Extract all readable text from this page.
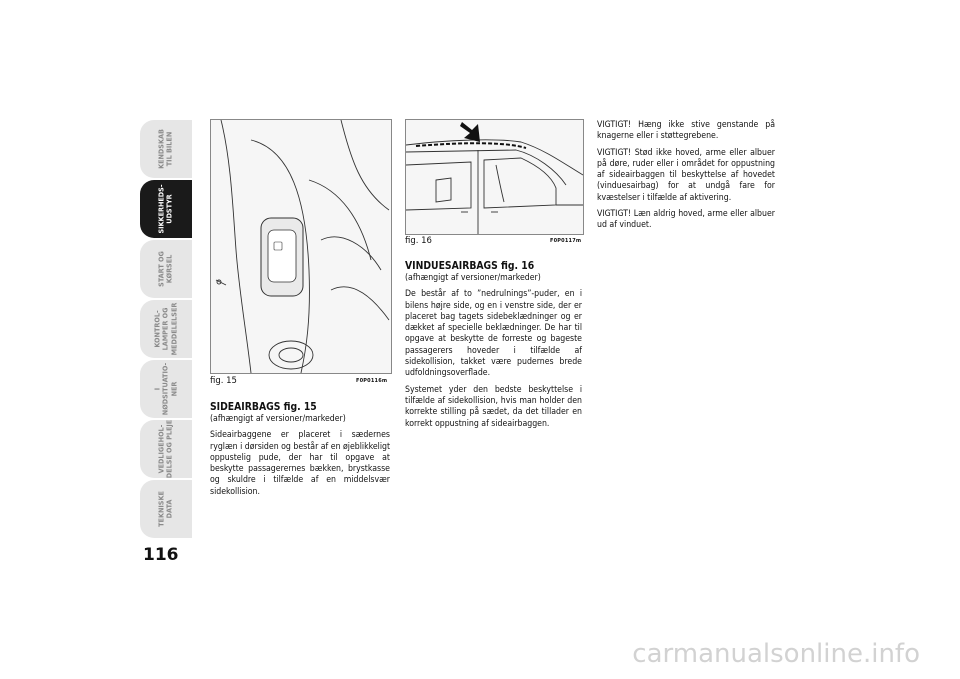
KENDSKAB
TIL BILEN
SIKKERHEDS-
UDSTYR
START OG
KØRSEL
KONTROL-
LAMPER OG
MEDDELELSER
I
NØDSITUATIO-
NER
VEDLIGEHOL-
DELSE OG PLEJE
TEKNISKE
DATA
116
fig. 15	F0P0116m
fig. 16	F0P0117m
SIDEAIRBAGS fig. 15

(afhængigt af versioner/markeder)

Sideairbaggene er placeret i sædernes ryglæn i dørsiden og består af en øjeblikkeligt oppustelig pude, der har til opgave at beskytte passagerernes bækken, brystkasse og skuldre i tilfælde af en middelsvær sidekollision.

VINDUESAIRBAGS fig. 16

(afhængigt af versioner/markeder)

De består af to ”nedrulnings”-puder, en i bilens højre side, og en i venstre side, der er placeret bag tagets sidebeklædninger og er dækket af specielle beklædninger. De har til opgave at beskytte de forreste og bageste passagerers hoveder i tilfælde af sidekollision, takket være pudernes brede udfoldningsoverflade.

Systemet yder den bedste beskyttelse i tilfælde af sidekollision, hvis man holder den korrekte stilling på sædet, da det tillader en korrekt oppustning af sideairbaggen.

VIGTIGT! Hæng ikke stive genstande på knagerne eller i støttegrebene.

VIGTIGT! Stød ikke hoved, arme eller albuer på døre, ruder eller i området for oppustning af sideairbaggen til beskyttelse af hovedet (vinduesairbag) for at undgå fare for kvæstelser i tilfælde af aktivering.

VIGTIGT! Læn aldrig hoved, arme eller albuer ud af vinduet.

carmanualsonline.info
